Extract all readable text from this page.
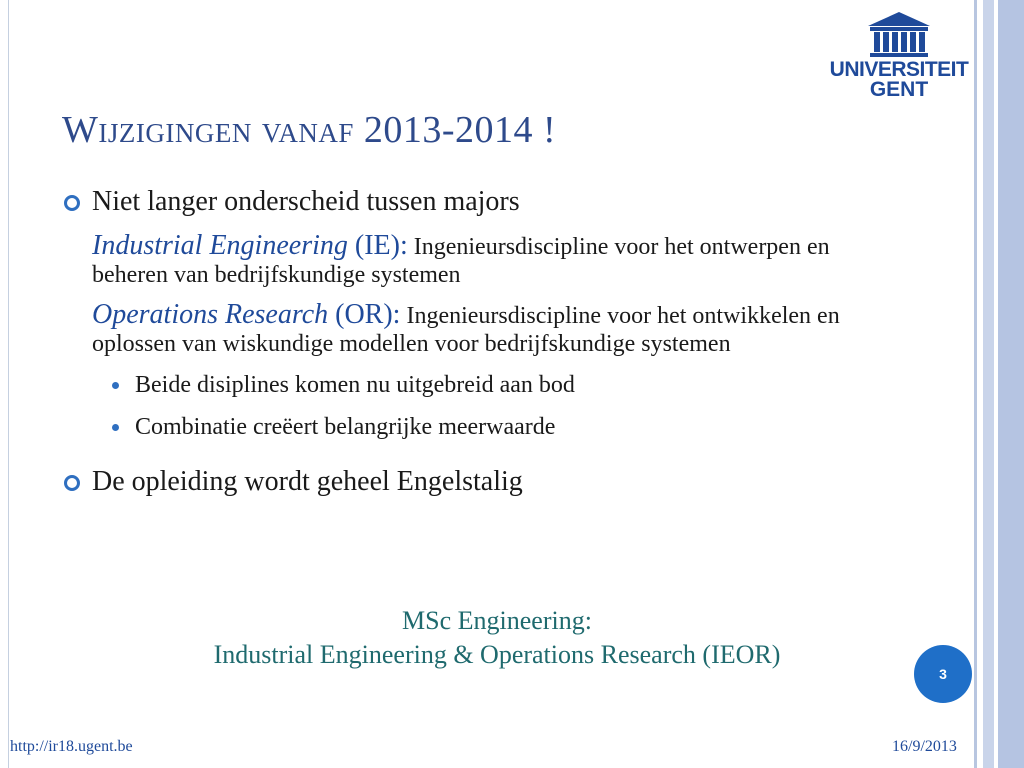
UNIVERSITEIT
GENT
Wijzigingen vanaf 2013-2014 !
Niet langer onderscheid tussen majors
Industrial Engineering (IE): Ingenieursdiscipline voor het ontwerpen en beheren van bedrijfskundige systemen
Operations Research (OR): Ingenieursdiscipline voor het ontwikkelen en oplossen van wiskundige modellen voor bedrijfskundige systemen
Beide disiplines komen nu uitgebreid aan bod
Combinatie creëert belangrijke meerwaarde
De opleiding wordt geheel Engelstalig
MSc Engineering:
Industrial Engineering & Operations Research (IEOR)
3
http://ir18.ugent.be	16/9/2013
